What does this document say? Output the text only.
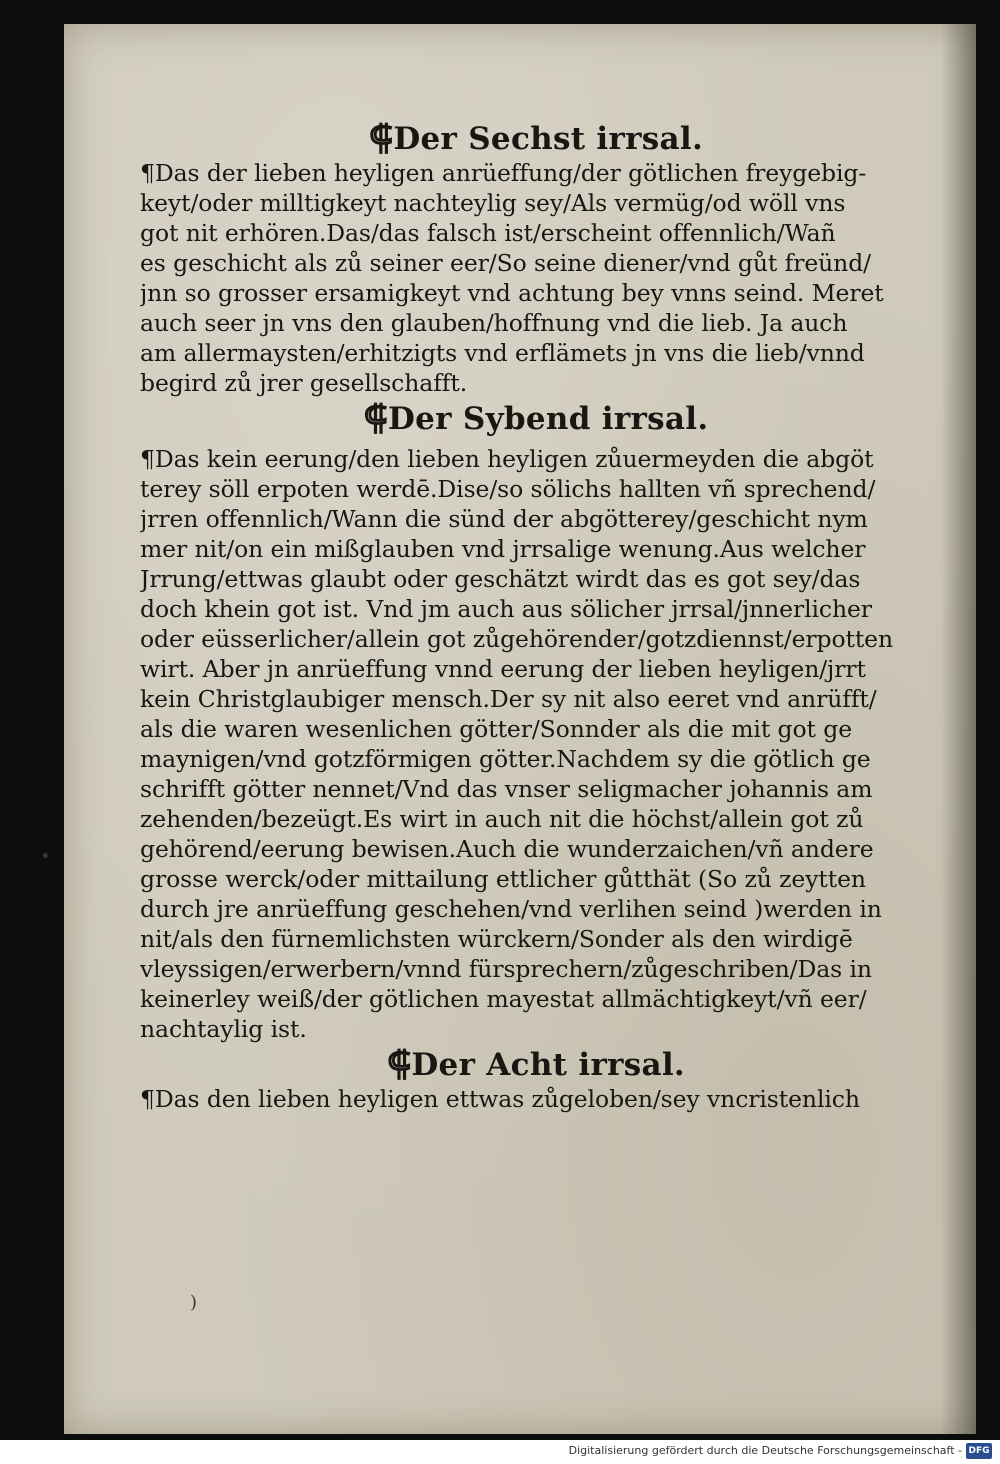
⸿Der Sechst irrsal.
¶Das der lieben heyligen anrüeffung/der götlichen freygebig-
keyt/oder milltigkeyt nachteylig sey/Als vermüg/od wöll vns
got nit erhören.Das/das falsch ist/erscheint offennlich/Wañ
es geschicht als zů seiner eer/So seine diener/vnd gůt freünd/
jnn so grosser ersamigkeyt vnd achtung bey vnns seind. Meret
auch seer jn vns den glauben/hoffnung vnd die lieb. Ja auch
am allermaysten/erhitzigts vnd erflämets jn vns die lieb/vnnd
begird zů jrer gesellschafft.
⸿Der Sybend irrsal.
¶Das kein eerung/den lieben heyligen zůuermeyden die abgöt
terey söll erpoten werdē.Dise/so sölichs hallten vñ sprechend/
jrren offennlich/Wann die sünd der abgötterey/geschicht nym
mer nit/on ein mißglauben vnd jrrsalige wenung.Aus welcher
Jrrung/ettwas glaubt oder geschätzt wirdt das es got sey/das
doch khein got ist. Vnd jm auch aus sölicher jrrsal/jnnerlicher
oder eüsserlicher/allein got zůgehörender/gotzdiennst/erpotten
wirt. Aber jn anrüeffung vnnd eerung der lieben heyligen/jrrt
kein Christglaubiger mensch.Der sy nit also eeret vnd anrüfft/
als die waren wesenlichen götter/Sonnder als die mit got ge
maynigen/vnd gotzförmigen götter.Nachdem sy die götlich ge
schrifft götter nennet/Vnd das vnser seligmacher johannis am
zehenden/bezeügt.Es wirt in auch nit die höchst/allein got zů
gehörend/eerung bewisen.Auch die wunderzaichen/vñ andere
grosse werck/oder mittailung ettlicher gůtthät (So zů zeytten
durch jre anrüeffung geschehen/vnd verlihen seind )werden in
nit/als den fürnemlichsten würckern/Sonder als den wirdigē
vleyssigen/erwerbern/vnnd fürsprechern/zůgeschriben/Das in
keinerley weiß/der götlichen mayestat allmächtigkeyt/vñ eer/
nachtaylig ist.
⸿Der Acht irrsal.
¶Das den lieben heyligen ettwas zůgeloben/sey vncristenlich
•
)
Digitalisierung gefördert durch die Deutsche Forschungsgemeinschaft - DFG
